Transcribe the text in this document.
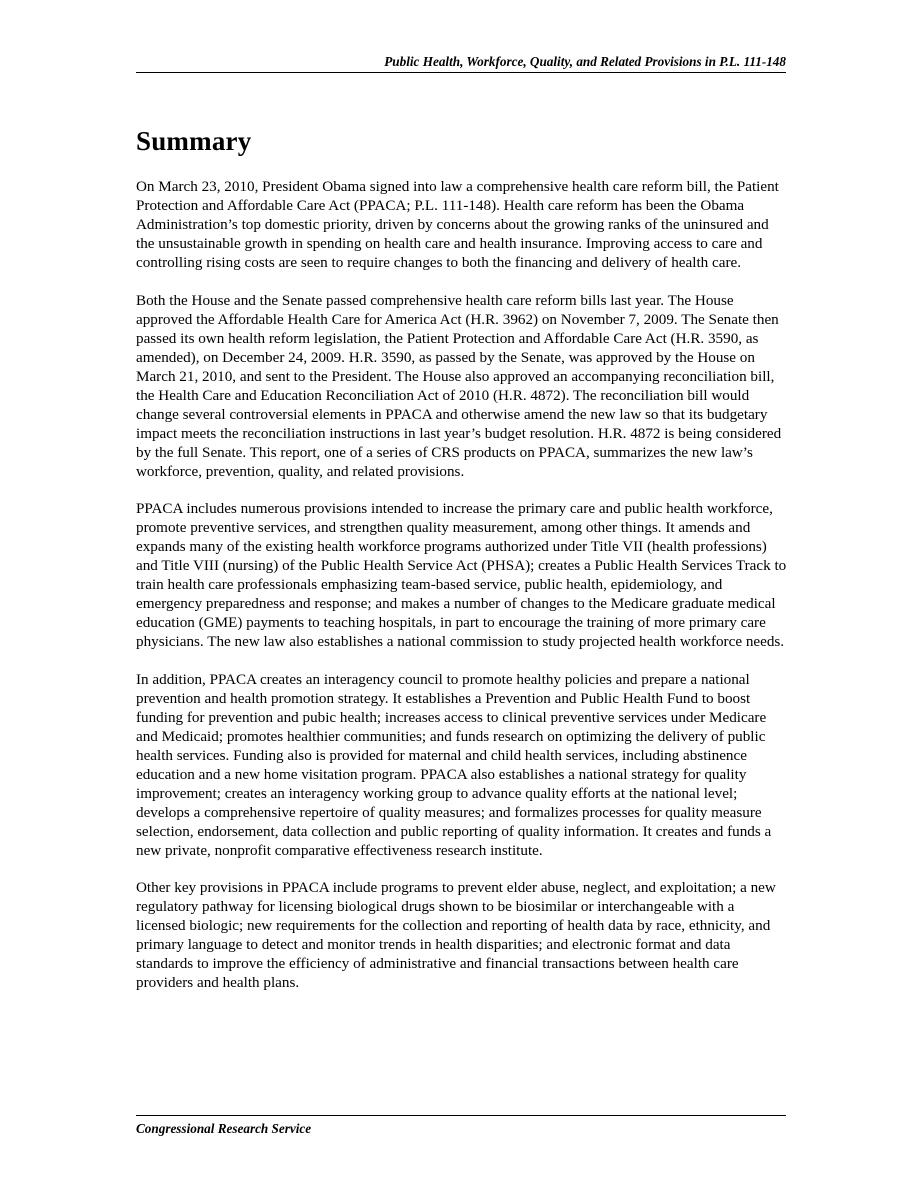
Public Health, Workforce, Quality, and Related Provisions in P.L. 111-148
Summary

On March 23, 2010, President Obama signed into law a comprehensive health care reform bill, the Patient Protection and Affordable Care Act (PPACA; P.L. 111-148). Health care reform has been the Obama Administration’s top domestic priority, driven by concerns about the growing ranks of the uninsured and the unsustainable growth in spending on health care and health insurance. Improving access to care and controlling rising costs are seen to require changes to both the financing and delivery of health care.

Both the House and the Senate passed comprehensive health care reform bills last year. The House approved the Affordable Health Care for America Act (H.R. 3962) on November 7, 2009. The Senate then passed its own health reform legislation, the Patient Protection and Affordable Care Act (H.R. 3590, as amended), on December 24, 2009. H.R. 3590, as passed by the Senate, was approved by the House on March 21, 2010, and sent to the President. The House also approved an accompanying reconciliation bill, the Health Care and Education Reconciliation Act of 2010 (H.R. 4872). The reconciliation bill would change several controversial elements in PPACA and otherwise amend the new law so that its budgetary impact meets the reconciliation instructions in last year’s budget resolution. H.R. 4872 is being considered by the full Senate. This report, one of a series of CRS products on PPACA, summarizes the new law’s workforce, prevention, quality, and related provisions.

PPACA includes numerous provisions intended to increase the primary care and public health workforce, promote preventive services, and strengthen quality measurement, among other things. It amends and expands many of the existing health workforce programs authorized under Title VII (health professions) and Title VIII (nursing) of the Public Health Service Act (PHSA); creates a Public Health Services Track to train health care professionals emphasizing team-based service, public health, epidemiology, and emergency preparedness and response; and makes a number of changes to the Medicare graduate medical education (GME) payments to teaching hospitals, in part to encourage the training of more primary care physicians. The new law also establishes a national commission to study projected health workforce needs.

In addition, PPACA creates an interagency council to promote healthy policies and prepare a national prevention and health promotion strategy. It establishes a Prevention and Public Health Fund to boost funding for prevention and pubic health; increases access to clinical preventive services under Medicare and Medicaid; promotes healthier communities; and funds research on optimizing the delivery of public health services. Funding also is provided for maternal and child health services, including abstinence education and a new home visitation program. PPACA also establishes a national strategy for quality improvement; creates an interagency working group to advance quality efforts at the national level; develops a comprehensive repertoire of quality measures; and formalizes processes for quality measure selection, endorsement, data collection and public reporting of quality information. It creates and funds a new private, nonprofit comparative effectiveness research institute.

Other key provisions in PPACA include programs to prevent elder abuse, neglect, and exploitation; a new regulatory pathway for licensing biological drugs shown to be biosimilar or interchangeable with a licensed biologic; new requirements for the collection and reporting of health data by race, ethnicity, and primary language to detect and monitor trends in health disparities; and electronic format and data standards to improve the efficiency of administrative and financial transactions between health care providers and health plans.

Congressional Research Service
